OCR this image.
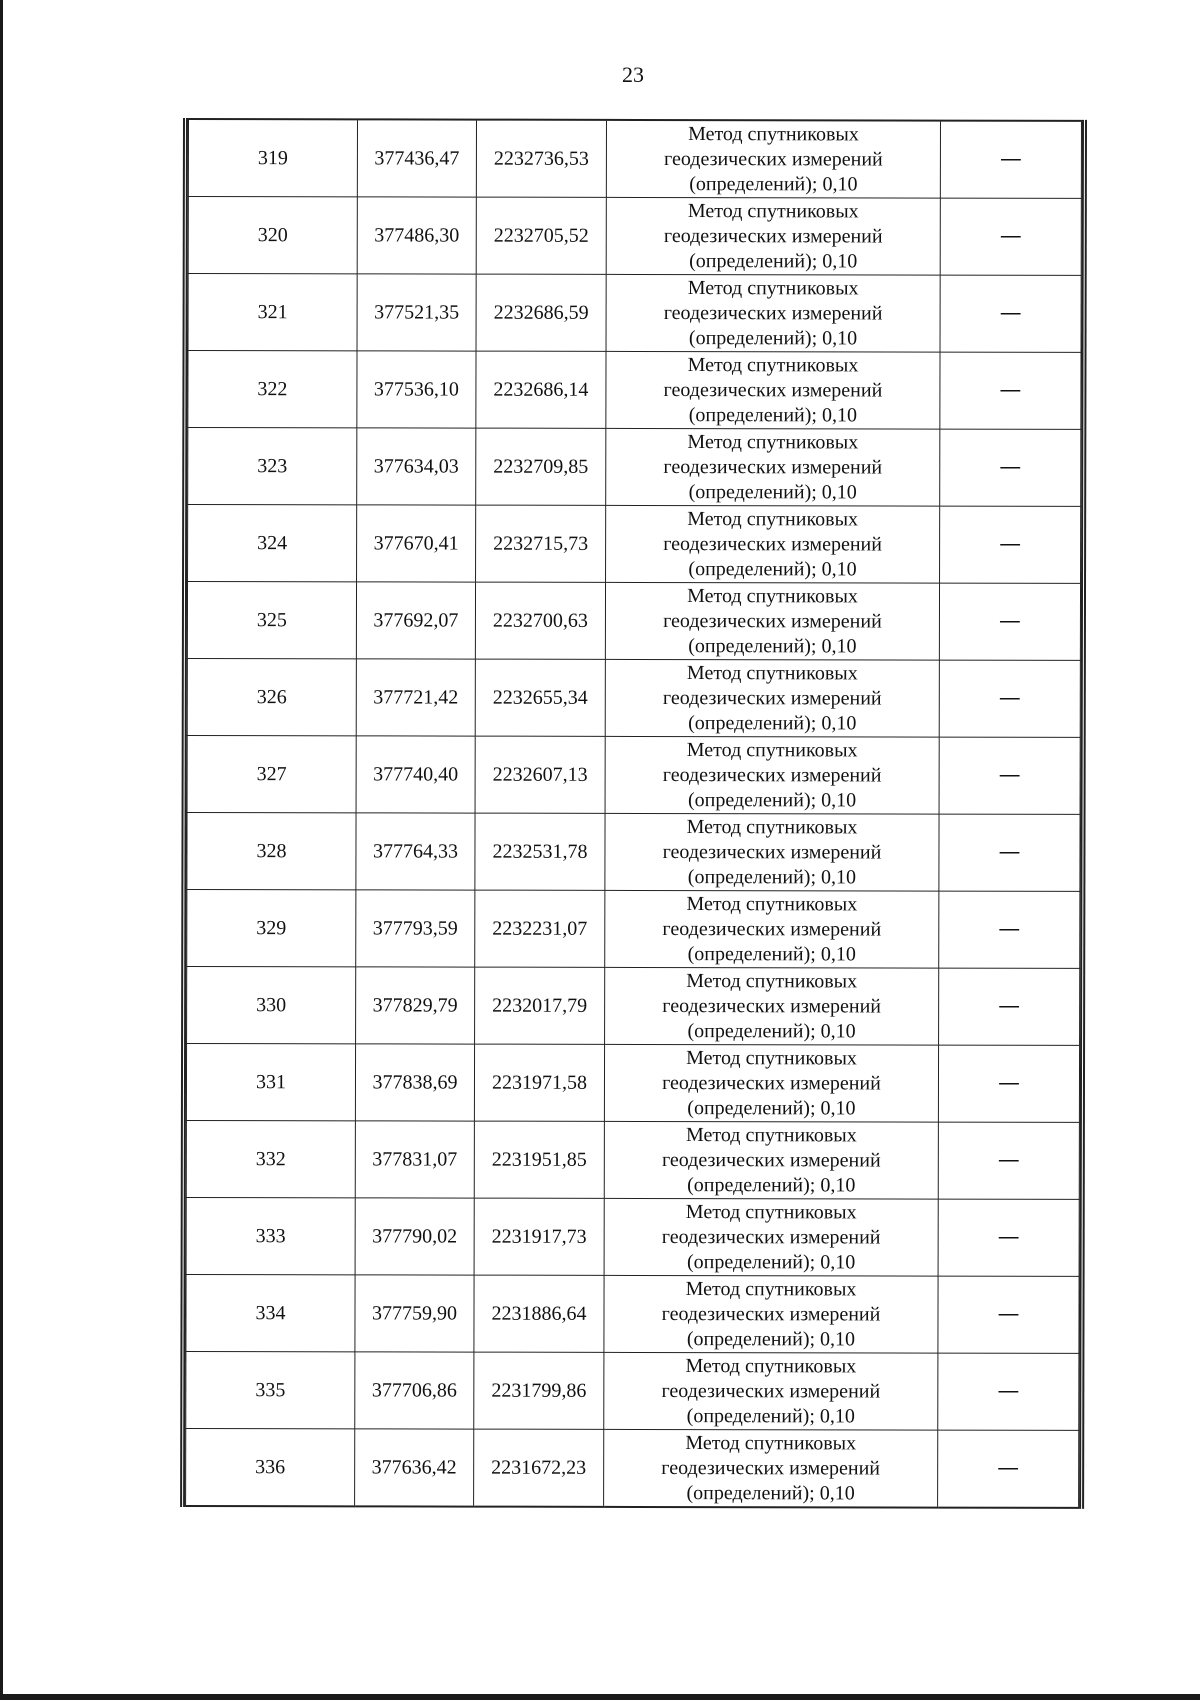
23
319	377436,47	2232736,53	Метод спутниковых
геодезических измерений
(определений); 0,10	—
320	377486,30	2232705,52	Метод спутниковых
геодезических измерений
(определений); 0,10	—
321	377521,35	2232686,59	Метод спутниковых
геодезических измерений
(определений); 0,10	—
322	377536,10	2232686,14	Метод спутниковых
геодезических измерений
(определений); 0,10	—
323	377634,03	2232709,85	Метод спутниковых
геодезических измерений
(определений); 0,10	—
324	377670,41	2232715,73	Метод спутниковых
геодезических измерений
(определений); 0,10	—
325	377692,07	2232700,63	Метод спутниковых
геодезических измерений
(определений); 0,10	—
326	377721,42	2232655,34	Метод спутниковых
геодезических измерений
(определений); 0,10	—
327	377740,40	2232607,13	Метод спутниковых
геодезических измерений
(определений); 0,10	—
328	377764,33	2232531,78	Метод спутниковых
геодезических измерений
(определений); 0,10	—
329	377793,59	2232231,07	Метод спутниковых
геодезических измерений
(определений); 0,10	—
330	377829,79	2232017,79	Метод спутниковых
геодезических измерений
(определений); 0,10	—
331	377838,69	2231971,58	Метод спутниковых
геодезических измерений
(определений); 0,10	—
332	377831,07	2231951,85	Метод спутниковых
геодезических измерений
(определений); 0,10	—
333	377790,02	2231917,73	Метод спутниковых
геодезических измерений
(определений); 0,10	—
334	377759,90	2231886,64	Метод спутниковых
геодезических измерений
(определений); 0,10	—
335	377706,86	2231799,86	Метод спутниковых
геодезических измерений
(определений); 0,10	—
336	377636,42	2231672,23	Метод спутниковых
геодезических измерений
(определений); 0,10	—
